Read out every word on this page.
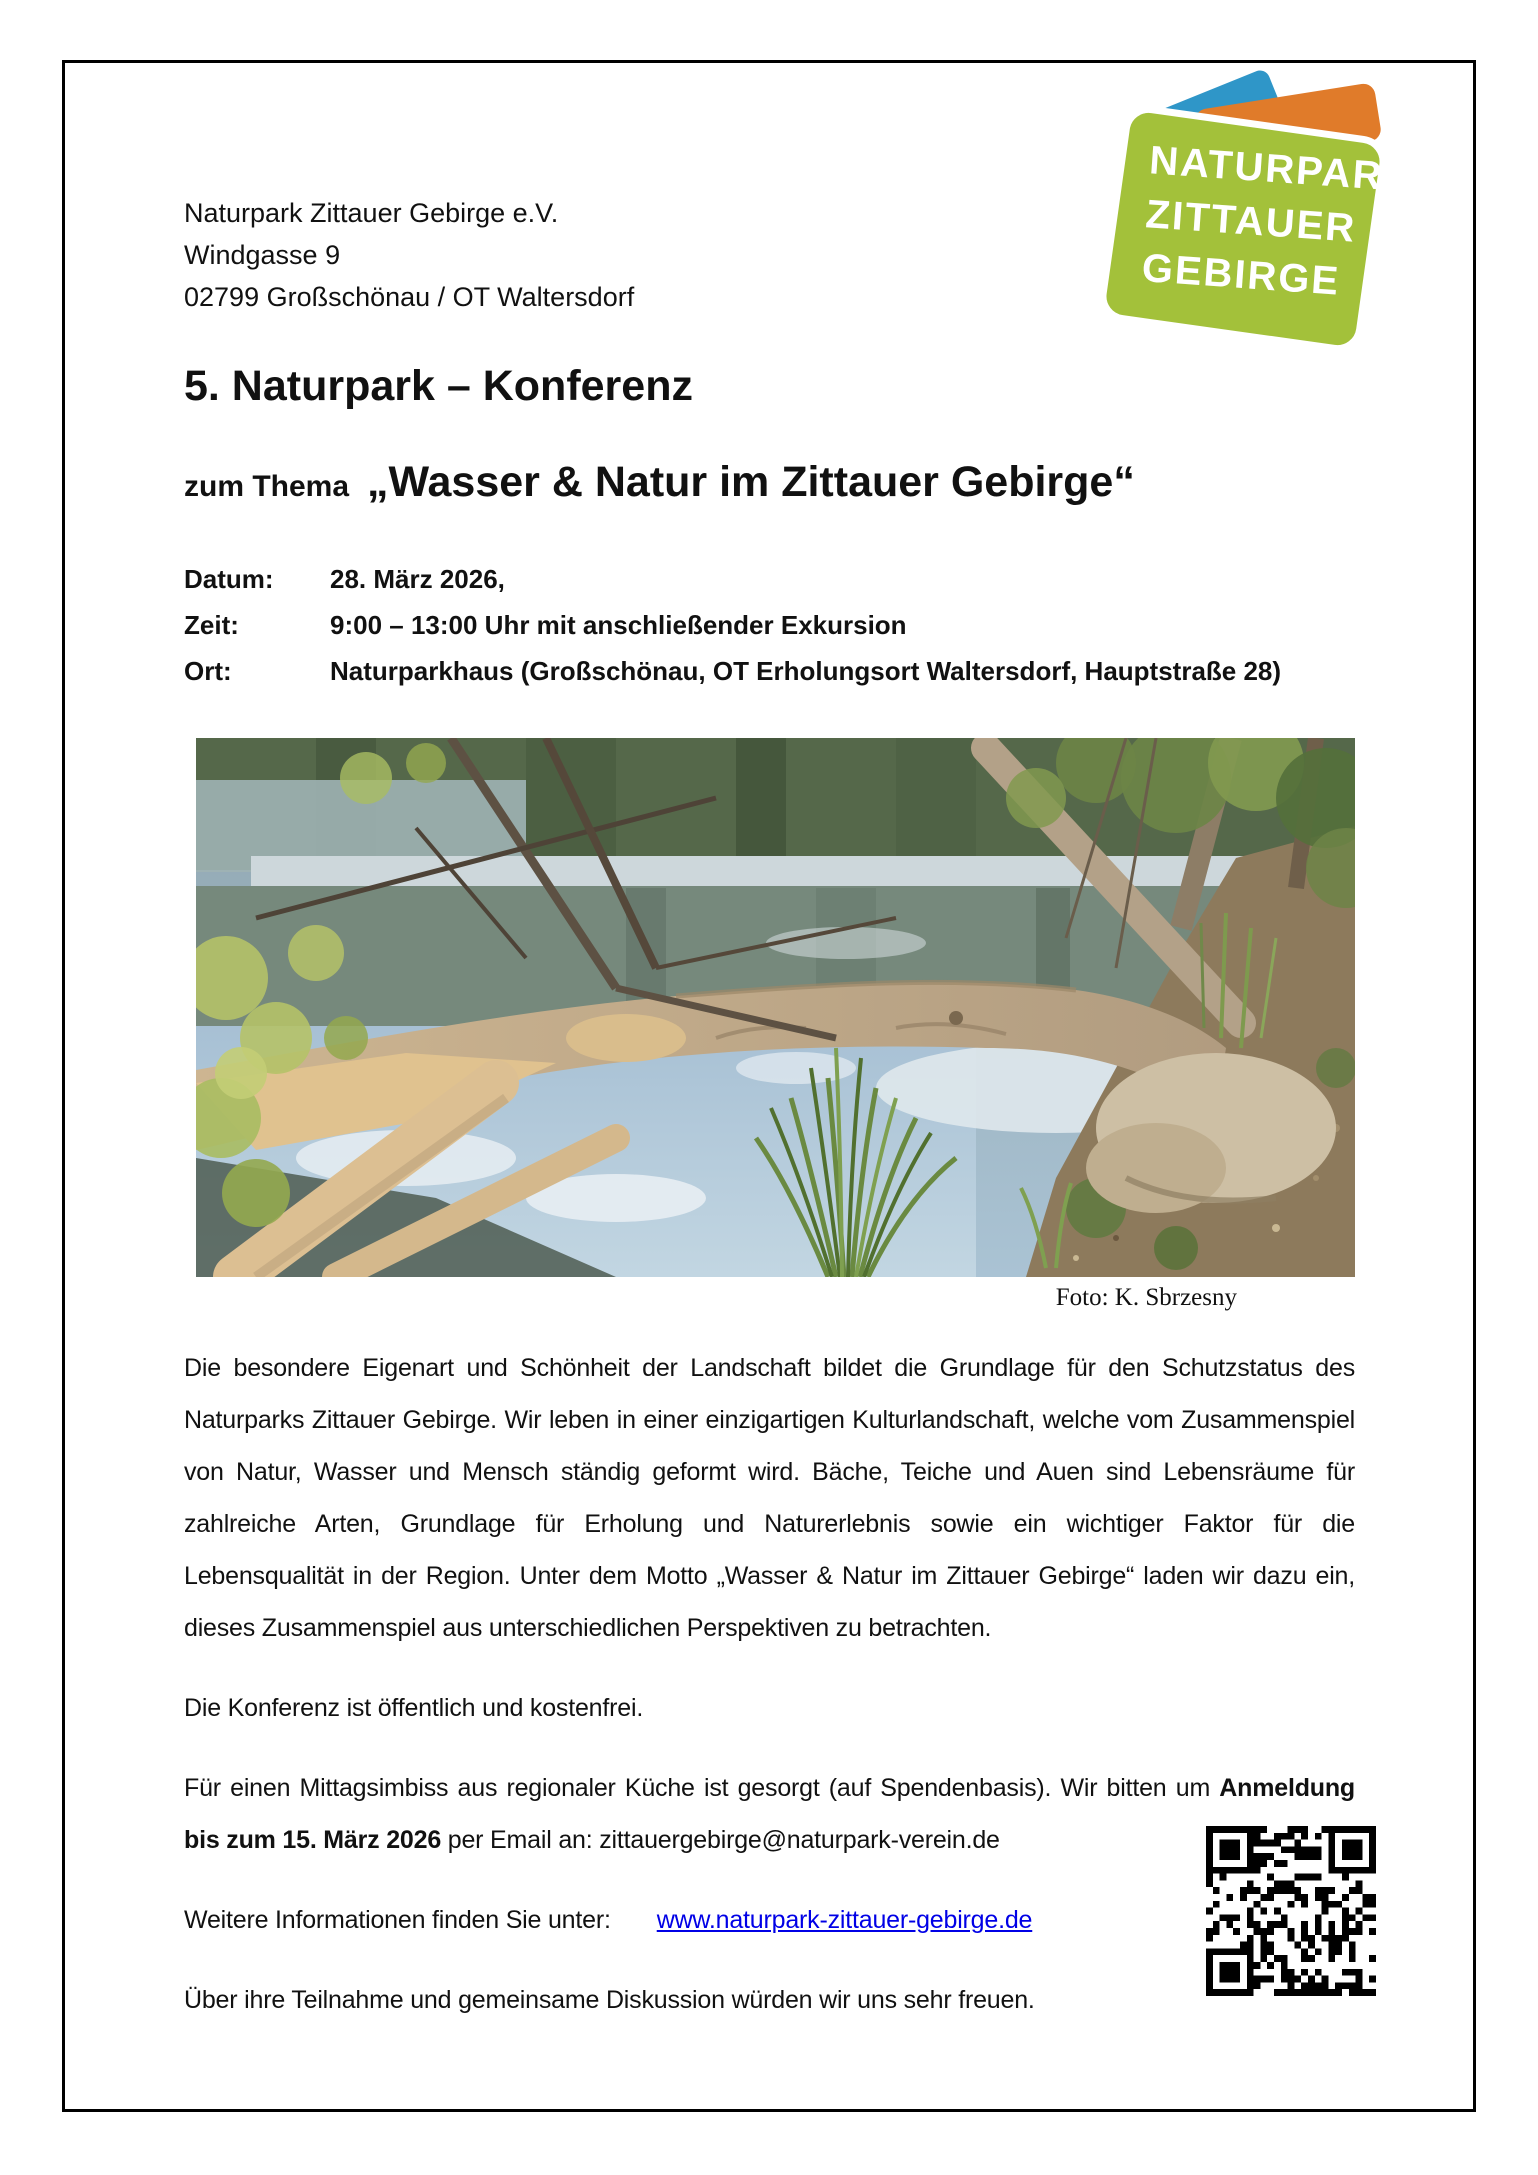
Naturpark Zittauer Gebirge e.V.
Windgasse 9
02799 Großschönau / OT Waltersdorf
NATURPARK
ZITTAUER
GEBIRGE
5. Naturpark – Konferenz
zum Thema „Wasser & Natur im Zittauer Gebirge“
Datum: 28. März 2026,
Zeit:	9:00 – 13:00 Uhr mit anschließender Exkursion
Ort:	Naturparkhaus (Großschönau, OT Erholungsort Waltersdorf, Hauptstraße 28)
Foto: K. Sbrzesny

Die besondere Eigenart und Schönheit der Landschaft bildet die Grundlage für den Schutzstatus des Naturparks Zittauer Gebirge. Wir leben in einer einzigartigen Kulturlandschaft, welche vom Zusammenspiel von Natur, Wasser und Mensch ständig geformt wird. Bäche, Teiche und Auen sind Lebensräume für zahlreiche Arten, Grundlage für Erholung und Naturerlebnis sowie ein wichtiger Faktor für die Lebensqualität in der Region. Unter dem Motto „Wasser & Natur im Zittauer Gebirge“ laden wir dazu ein, dieses Zusammenspiel aus unterschiedlichen Perspektiven zu betrachten.

Die Konferenz ist öffentlich und kostenfrei.

Für einen Mittagsimbiss aus regionaler Küche ist gesorgt (auf Spendenbasis). Wir bitten um Anmeldung bis zum 15. März 2026 per Email an: zittauergebirge@naturpark-verein.de

Weitere Informationen finden Sie unter: www.naturpark-zittauer-gebirge.de

Über ihre Teilnahme und gemeinsame Diskussion würden wir uns sehr freuen.
